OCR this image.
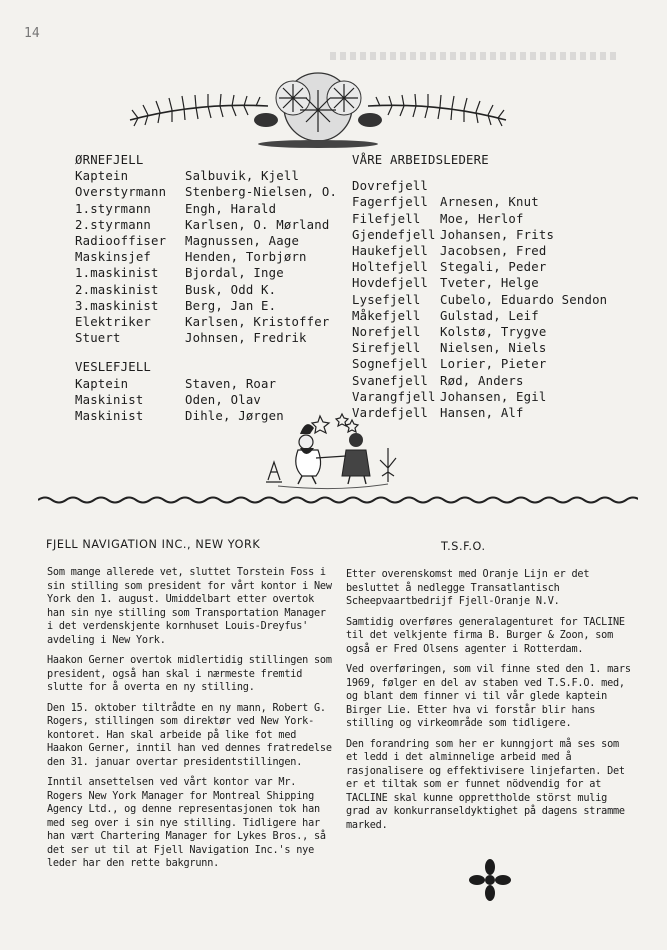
14
ØRNEFJELL
Kaptein	Salbuvik, Kjell
Overstyrmann	Stenberg-Nielsen, O.
1.styrmann	Engh, Harald
2.styrmann	Karlsen, O. Mørland
Radiooffiser	Magnussen, Aage
Maskinsjef	Henden, Torbjørn
1.maskinist	Bjordal, Inge
2.maskinist	Busk, Odd K.
3.maskinist	Berg, Jan E.
Elektriker	Karlsen, Kristoffer
Stuert	Johnsen, Fredrik
VESLEFJELL
Kaptein	Staven, Roar
Maskinist	Oden, Olav
Maskinist	Dihle, Jørgen
VÅRE ARBEIDSLEDERE
Dovrefjell
Fagerfjell Arnesen, Knut
Filefjell	Moe, Herlof
Gjendefjell Johansen, Frits
Haukefjell Jacobsen, Fred
Holtefjell Stegali, Peder
Hovdefjell Tveter, Helge
Lysefjell	Cubelo, Eduardo Sendon
Måkefjell	Gulstad, Leif
Norefjell	Kolstø, Trygve
Sirefjell	Nielsen, Niels
Sognefjell Lorier, Pieter
Svanefjell Rød, Anders
Varangfjell Johansen, Egil
Vardefjell Hansen, Alf
FJELL NAVIGATION INC., NEW YORK	T.S.F.O.

Som mange allerede vet, sluttet Torstein Foss i sin stilling som president for vårt kontor i New York den 1. august. Umiddelbart etter overtok han sin nye stilling som Transportation Manager i det verdenskjente kornhuset Louis-Dreyfus' avdeling i New York.

Haakon Gerner overtok midlertidig stillingen som president, også han skal i nærmeste fremtid slutte for å overta en ny stilling.

Den 15. oktober tiltrådte en ny mann, Robert G. Rogers, stillingen som direktør ved New York-kontoret. Han skal arbeide på like fot med Haakon Gerner, inntil han ved dennes fratredelse den 31. januar overtar presidentstillingen.

Inntil ansettelsen ved vårt kontor var Mr. Rogers New York Manager for Montreal Shipping Agency Ltd., og denne representasjonen tok han med seg over i sin nye stilling. Tidligere har han vært Chartering Manager for Lykes Bros., så det ser ut til at Fjell Navigation Inc.'s nye leder har den rette bakgrunn.

Etter overenskomst med Oranje Lijn er det besluttet å nedlegge Transatlantisch Scheepvaartbedrijf Fjell-Oranje N.V.

Samtidig overføres generalagenturet for TACLINE til det velkjente firma B. Burger & Zoon, som også er Fred Olsens agenter i Rotterdam.

Ved overføringen, som vil finne sted den 1. mars 1969, følger en del av staben ved T.S.F.O. med, og blant dem finner vi til vår glede kaptein Birger Lie. Etter hva vi forstår blir hans stilling og virkeområde som tidligere.

Den forandring som her er kunngjort må ses som et ledd i det alminnelige arbeid med å rasjonalisere og effektivisere linjefarten. Det er et tiltak som er funnet nödvendig for at TACLINE skal kunne opprettholde störst mulig grad av konkurranseldyktighet på dagens stramme marked.
